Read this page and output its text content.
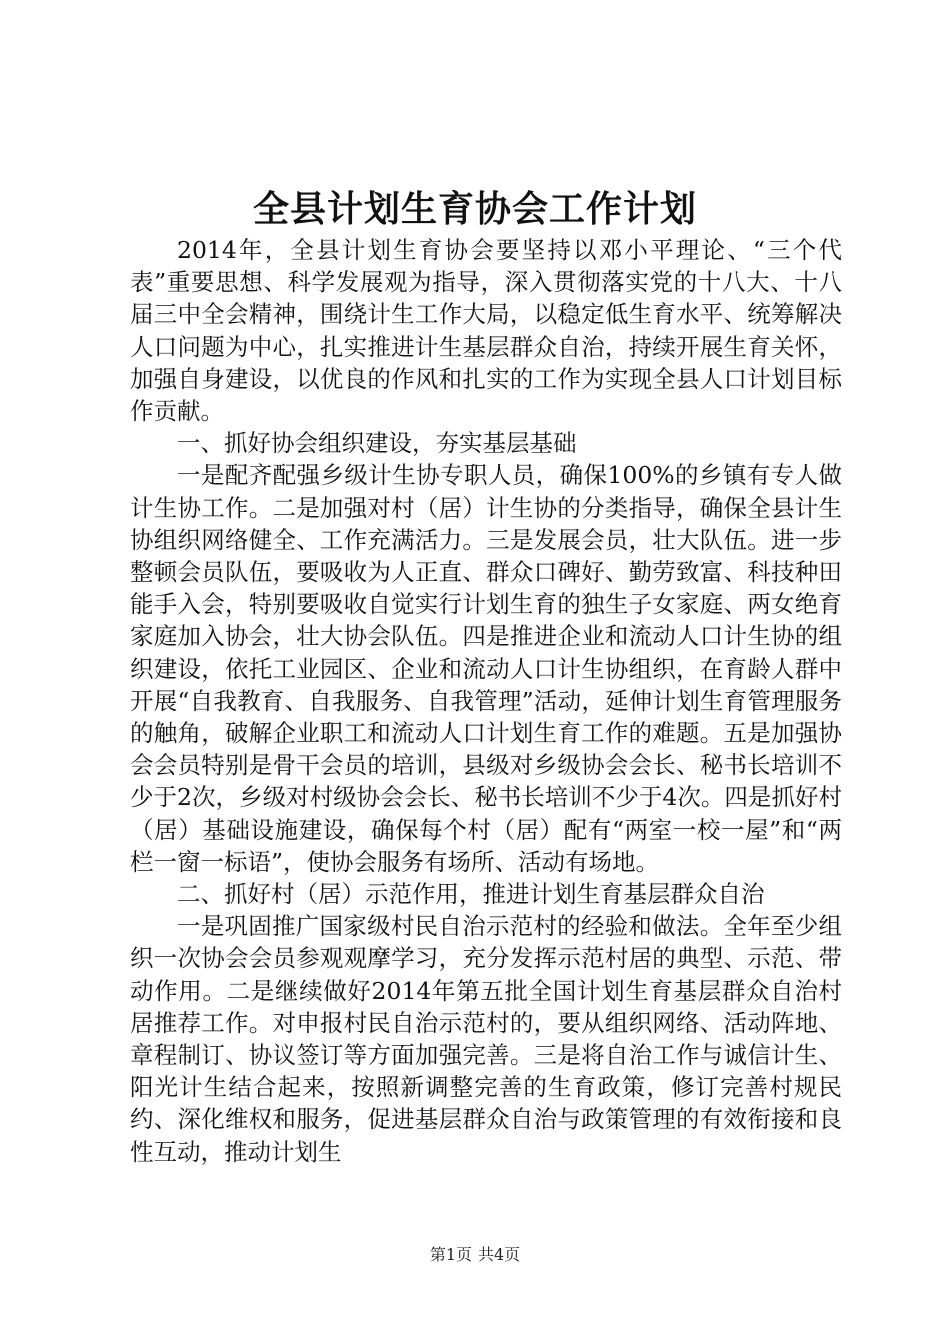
全县计划生育协会工作计划

2014年，全县计划生育协会要坚持以邓小平理论、“三个代表”重要思想、科学发展观为指导，深入贯彻落实党的十八大、十八届三中全会精神，围绕计生工作大局，以稳定低生育水平、统筹解决人口问题为中心，扎实推进计生基层群众自治，持续开展生育关怀，加强自身建设，以优良的作风和扎实的工作为实现全县人口计划目标作贡献。

一、抓好协会组织建设，夯实基层基础

一是配齐配强乡级计生协专职人员，确保100%的乡镇有专人做计生协工作。二是加强对村（居）计生协的分类指导，确保全县计生协组织网络健全、工作充满活力。三是发展会员，壮大队伍。进一步整顿会员队伍，要吸收为人正直、群众口碑好、勤劳致富、科技种田能手入会，特别要吸收自觉实行计划生育的独生子女家庭、两女绝育家庭加入协会，壮大协会队伍。四是推进企业和流动人口计生协的组织建设，依托工业园区、企业和流动人口计生协组织，在育龄人群中开展“自我教育、自我服务、自我管理”活动，延伸计划生育管理服务的触角，破解企业职工和流动人口计划生育工作的难题。五是加强协会会员特别是骨干会员的培训，县级对乡级协会会长、秘书长培训不少于2次，乡级对村级协会会长、秘书长培训不少于4次。四是抓好村（居）基础设施建设，确保每个村（居）配有“两室一校一屋”和“两栏一窗一标语”，使协会服务有场所、活动有场地。

二、抓好村（居）示范作用，推进计划生育基层群众自治

一是巩固推广国家级村民自治示范村的经验和做法。全年至少组织一次协会会员参观观摩学习，充分发挥示范村居的典型、示范、带动作用。二是继续做好2014年第五批全国计划生育基层群众自治村居推荐工作。对申报村民自治示范村的，要从组织网络、活动阵地、章程制订、协议签订等方面加强完善。三是将自治工作与诚信计生、阳光计生结合起来，按照新调整完善的生育政策，修订完善村规民约、深化维权和服务，促进基层群众自治与政策管理的有效衔接和良性互动，推动计划生

第1页 共4页
